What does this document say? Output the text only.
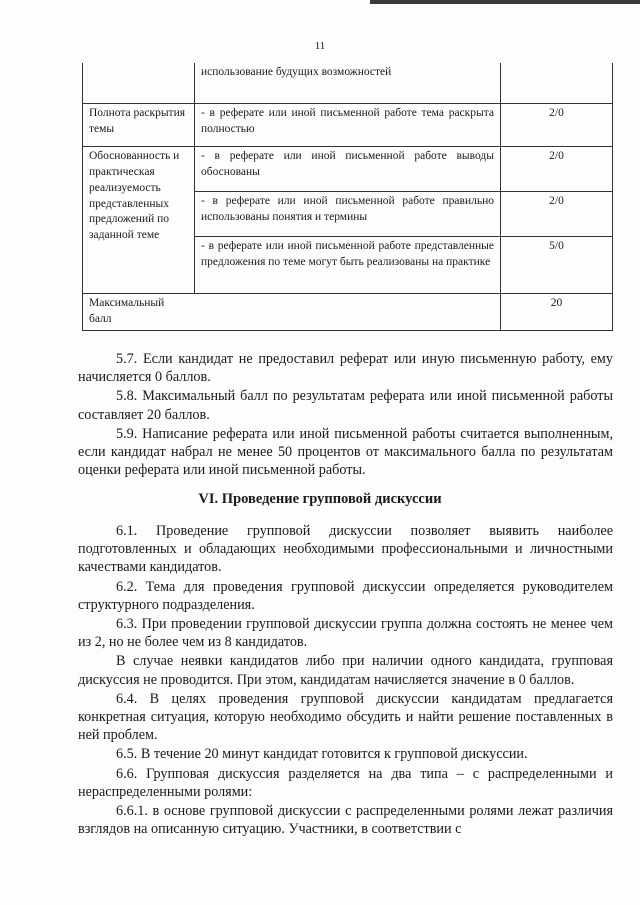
11
	использование будущих возможностей	
Полнота раскрытия темы	- в реферате или иной письменной работе тема раскрыта полностью	2/0
Обоснованность и практическая реализуемость представленных предложений по заданной теме	- в реферате или иной письменной работе выводы обоснованы	2/0
	- в реферате или иной письменной работе правильно использованы понятия и термины	2/0
	- в реферате или иной письменной работе представленные предложения по теме могут быть реализованы на практике	5/0
Максимальный балл		20

5.7. Если кандидат не предоставил реферат или иную письменную работу, ему начисляется 0 баллов.

5.8. Максимальный балл по результатам реферата или иной письменной работы составляет 20 баллов.

5.9. Написание реферата или иной письменной работы считается выполненным, если кандидат набрал не менее 50 процентов от максимального балла по результатам оценки реферата или иной письменной работы.

VI. Проведение групповой дискуссии

6.1. Проведение групповой дискуссии позволяет выявить наиболее подготовленных и обладающих необходимыми профессиональными и личностными качествами кандидатов.

6.2. Тема для проведения групповой дискуссии определяется руководителем структурного подразделения.

6.3. При проведении групповой дискуссии группа должна состоять не менее чем из 2, но не более чем из 8 кандидатов.

В случае неявки кандидатов либо при наличии одного кандидата, групповая дискуссия не проводится. При этом, кандидатам начисляется значение в 0 баллов.

6.4. В целях проведения групповой дискуссии кандидатам предлагается конкретная ситуация, которую необходимо обсудить и найти решение поставленных в ней проблем.

6.5. В течение 20 минут кандидат готовится к групповой дискуссии.

6.6. Групповая дискуссия разделяется на два типа – с распределенными и нераспределенными ролями:

6.6.1. в основе групповой дискуссии с распределенными ролями лежат различия взглядов на описанную ситуацию. Участники, в соответствии с
